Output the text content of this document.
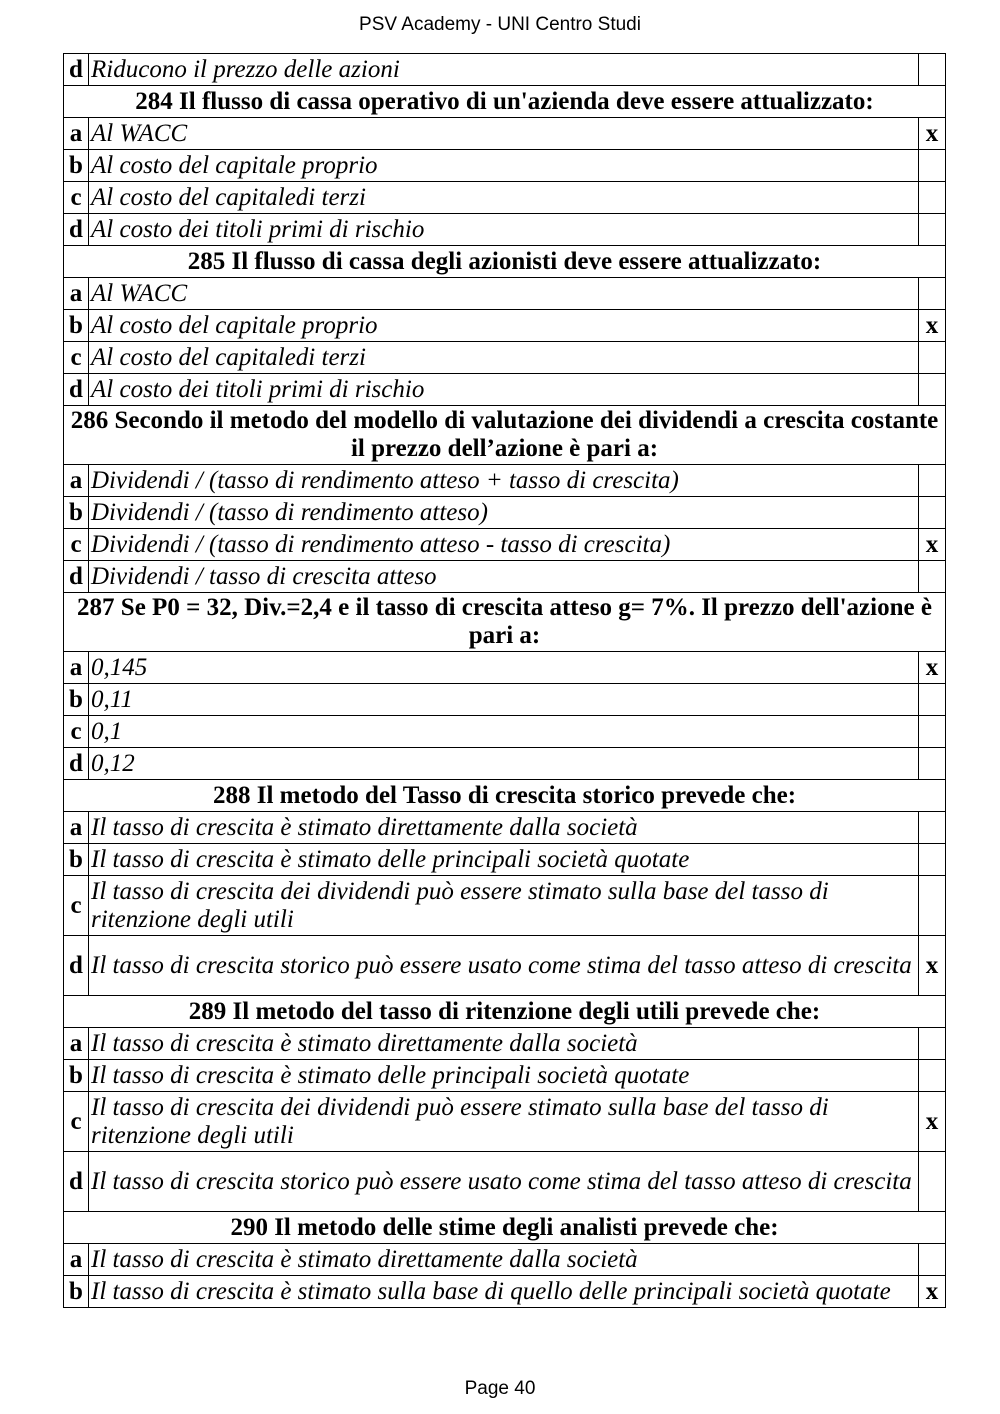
PSV Academy - UNI Centro Studi
d	Riducono il prezzo delle azioni	
284 Il flusso di cassa operativo di un'azienda deve essere attualizzato:		
a	Al WACC	x
b	Al costo del capitale proprio	
c	Al costo del capitaledi terzi	
d	Al costo dei titoli primi di rischio	
285 Il flusso di cassa degli azionisti deve essere attualizzato:		
a	Al WACC	
b	Al costo del capitale proprio	x
c	Al costo del capitaledi terzi	
d	Al costo dei titoli primi di rischio	
286 Secondo il metodo del modello di valutazione dei dividendi a crescita costante il prezzo dell’azione è pari a:		
a	Dividendi / (tasso di rendimento atteso + tasso di crescita)	
b	Dividendi / (tasso di rendimento atteso)	
c	Dividendi / (tasso di rendimento atteso - tasso di crescita)	x
d	Dividendi / tasso di crescita atteso	
287 Se P0 = 32, Div.=2,4 e il tasso di crescita atteso g= 7%. Il prezzo dell'azione è pari a:		
a	0,145	x
b	0,11	
c	0,1	
d	0,12	
288 Il metodo del Tasso di crescita storico prevede che:		
a	Il tasso di crescita è stimato direttamente dalla società	
b	Il tasso di crescita è stimato delle principali società quotate	
c	Il tasso di crescita dei dividendi può essere stimato sulla base del tasso di ritenzione degli utili	
d	Il tasso di crescita storico può essere usato come stima del tasso atteso di crescita	x
289 Il metodo del tasso di ritenzione degli utili prevede che:		
a	Il tasso di crescita è stimato direttamente dalla società	
b	Il tasso di crescita è stimato delle principali società quotate	
c	Il tasso di crescita dei dividendi può essere stimato sulla base del tasso di ritenzione degli utili	x
d	Il tasso di crescita storico può essere usato come stima del tasso atteso di crescita	
290 Il metodo delle stime degli analisti prevede che:		
a	Il tasso di crescita è stimato direttamente dalla società	
b	Il tasso di crescita è stimato sulla base di quello delle principali società quotate	x
Page 40
